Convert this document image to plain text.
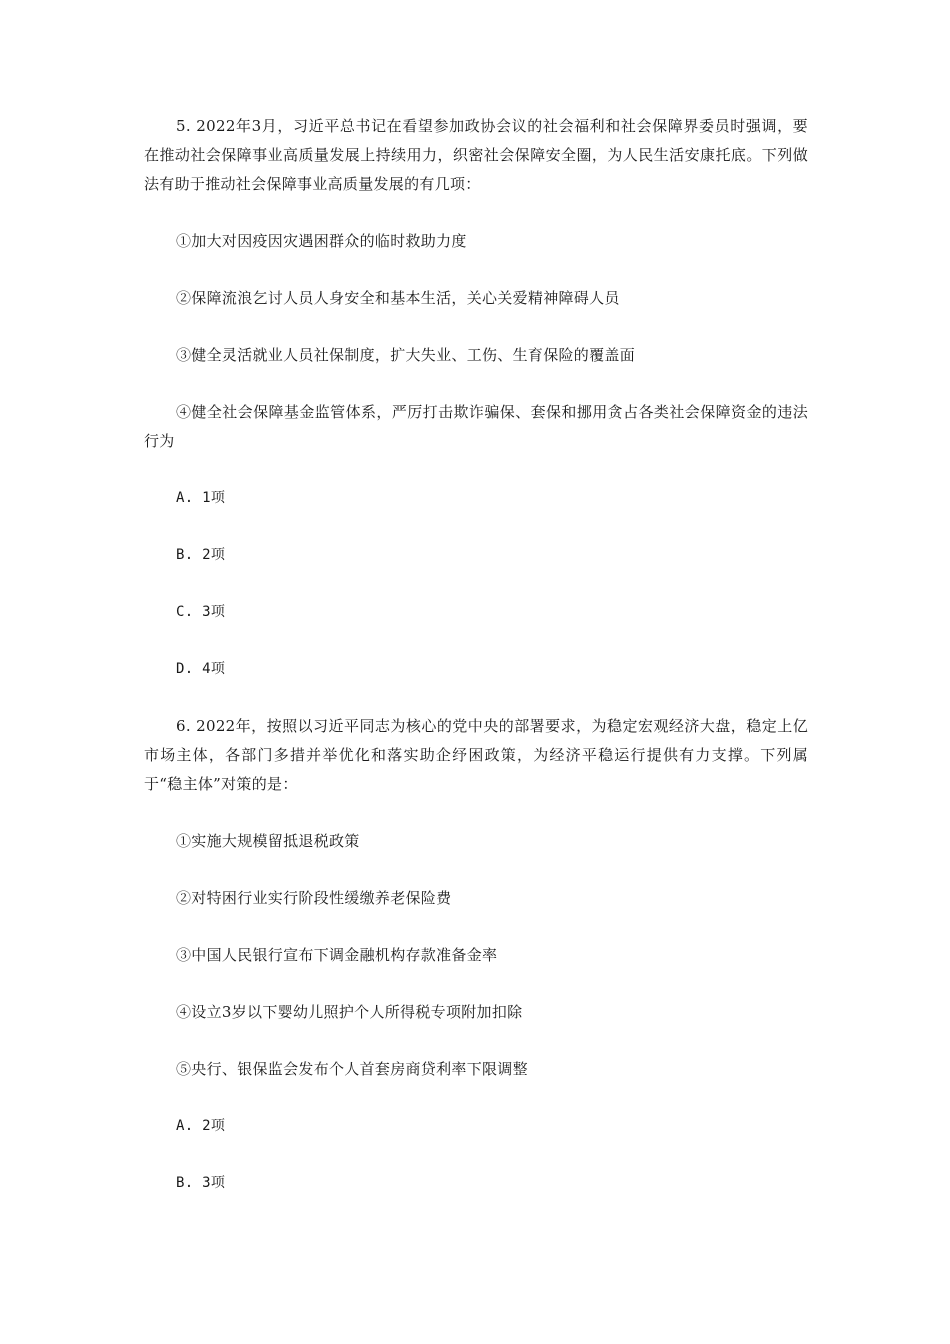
5. 2022年3月，习近平总书记在看望参加政协会议的社会福利和社会保障界委员时强调，要在推动社会保障事业高质量发展上持续用力，织密社会保障安全圈，为人民生活安康托底。下列做法有助于推动社会保障事业高质量发展的有几项：

①加大对因疫因灾遇困群众的临时救助力度

②保障流浪乞讨人员人身安全和基本生活，关心关爱精神障碍人员

③健全灵活就业人员社保制度，扩大失业、工伤、生育保险的覆盖面

④健全社会保障基金监管体系，严厉打击欺诈骗保、套保和挪用贪占各类社会保障资金的违法行为

A. 1项

B. 2项

C. 3项

D. 4项

6. 2022年，按照以习近平同志为核心的党中央的部署要求，为稳定宏观经济大盘，稳定上亿市场主体，各部门多措并举优化和落实助企纾困政策，为经济平稳运行提供有力支撑。下列属于“稳主体”对策的是：

①实施大规模留抵退税政策

②对特困行业实行阶段性缓缴养老保险费

③中国人民银行宣布下调金融机构存款准备金率

④设立3岁以下婴幼儿照护个人所得税专项附加扣除

⑤央行、银保监会发布个人首套房商贷利率下限调整

A. 2项

B. 3项
